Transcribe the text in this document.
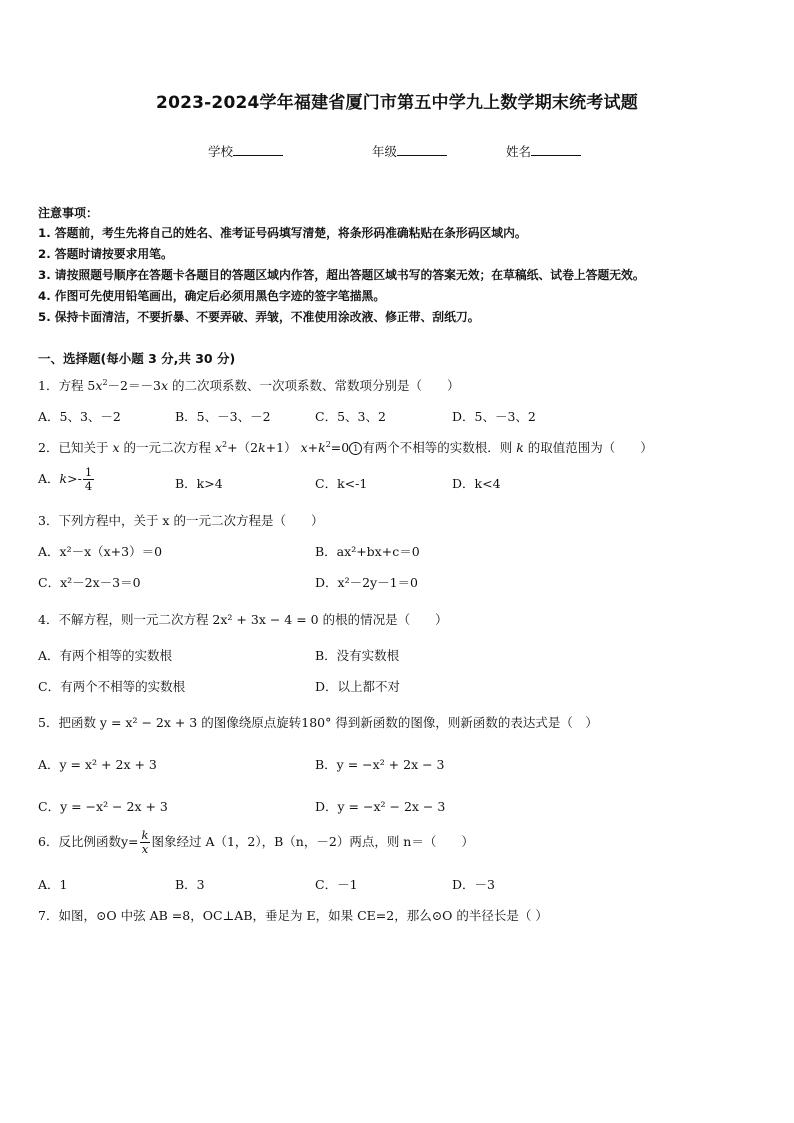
2023-2024学年福建省厦门市第五中学九上数学期末统考试题
学校	年级	姓名
注意事项：
1. 答题前，考生先将自己的姓名、准考证号码填写清楚，将条形码准确粘贴在条形码区域内。
2. 答题时请按要求用笔。
3. 请按照题号顺序在答题卡各题目的答题区域内作答，超出答题区域书写的答案无效；在草稿纸、试卷上答题无效。
4. 作图可先使用铅笔画出，确定后必须用黑色字迹的签字笔描黑。
5. 保持卡面清洁，不要折暴、不要弄破、弄皱，不准使用涂改液、修正带、刮纸刀。
一、选择题(每小题 3 分,共 30 分)
1．方程 $5x^2-2=-3x$ 的二次项系数、一次项系数、常数项分别是（　　）
A．5、3、－2	B．5、－3、－2	C．5、3、2	D．5、－3、2
2．已知关于 x 的一元二次方程 $x^2+(2k+1)$ $x+k^2=0$ 1 有两个不相等的实数根．则 k 的取值范围为（　　）
A．$k>- \frac{1}{4}$	B．k>4	C．k<-1	D．k<4
3．下列方程中，关于 x 的一元二次方程是（　　）
A．x²－x（x+3）＝0	B．ax²+bx+c＝0
C．x²－2x－3＝0	D．x²－2y－1＝0
4．不解方程，则一元二次方程 2x² + 3x − 4 = 0 的根的情况是（　　）
A．有两个相等的实数根	B．没有实数根
C．有两个不相等的实数根	D．以上都不对
5．把函数 y = x² − 2x + 3 的图像绕原点旋转180° 得到新函数的图像，则新函数的表达式是（　）
A．y = x² + 2x + 3	B．y = −x² + 2x − 3
C．y = −x² − 2x + 3	D．y = −x² − 2x − 3
6．反比例函数$y= \frac{k}{x}$ 图象经过 A（1，2），B（n，－2）两点，则 n＝（　　）
A．1	B．3	C．－1	D．－3
7．如图，⊙O 中弦 AB =8，OC⊥AB，垂足为 E，如果 CE=2，那么⊙O 的半径长是（ ）
